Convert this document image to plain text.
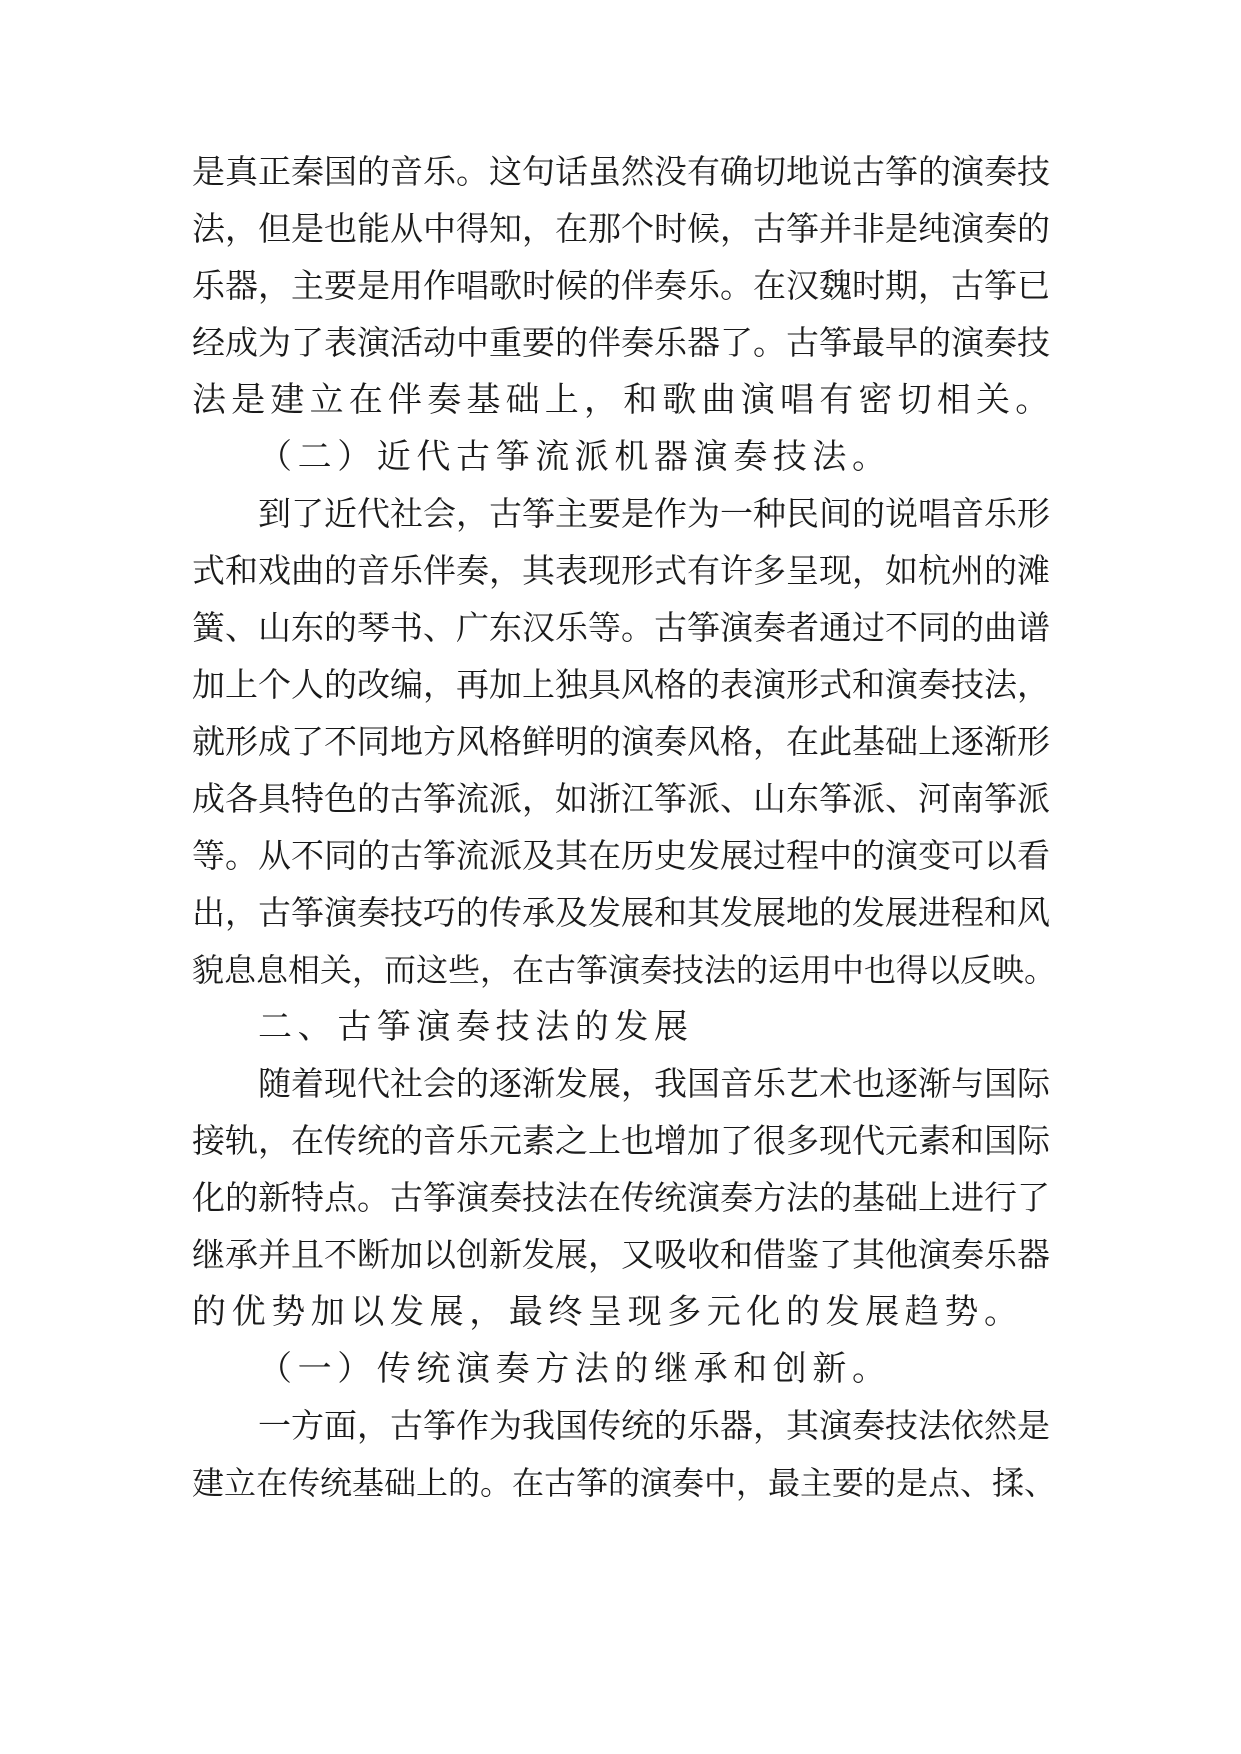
是真正秦国的音乐。这句话虽然没有确切地说古筝的演奏技
法，但是也能从中得知，在那个时候，古筝并非是纯演奏的
乐器，主要是用作唱歌时候的伴奏乐。在汉魏时期，古筝已
经成为了表演活动中重要的伴奏乐器了。古筝最早的演奏技
法是建立在伴奏基础上，和歌曲演唱有密切相关。
（二）近代古筝流派机器演奏技法。
到了近代社会，古筝主要是作为一种民间的说唱音乐形
式和戏曲的音乐伴奏，其表现形式有许多呈现，如杭州的滩
簧、山东的琴书、广东汉乐等。古筝演奏者通过不同的曲谱
加上个人的改编，再加上独具风格的表演形式和演奏技法，
就形成了不同地方风格鲜明的演奏风格，在此基础上逐渐形
成各具特色的古筝流派，如浙江筝派、山东筝派、河南筝派
等。从不同的古筝流派及其在历史发展过程中的演变可以看
出，古筝演奏技巧的传承及发展和其发展地的发展进程和风
貌息息相关，而这些，在古筝演奏技法的运用中也得以反映。
二、古筝演奏技法的发展
随着现代社会的逐渐发展，我国音乐艺术也逐渐与国际
接轨，在传统的音乐元素之上也增加了很多现代元素和国际
化的新特点。古筝演奏技法在传统演奏方法的基础上进行了
继承并且不断加以创新发展，又吸收和借鉴了其他演奏乐器
的优势加以发展，最终呈现多元化的发展趋势。
（一）传统演奏方法的继承和创新。
一方面，古筝作为我国传统的乐器，其演奏技法依然是
建立在传统基础上的。在古筝的演奏中，最主要的是点、揉、
